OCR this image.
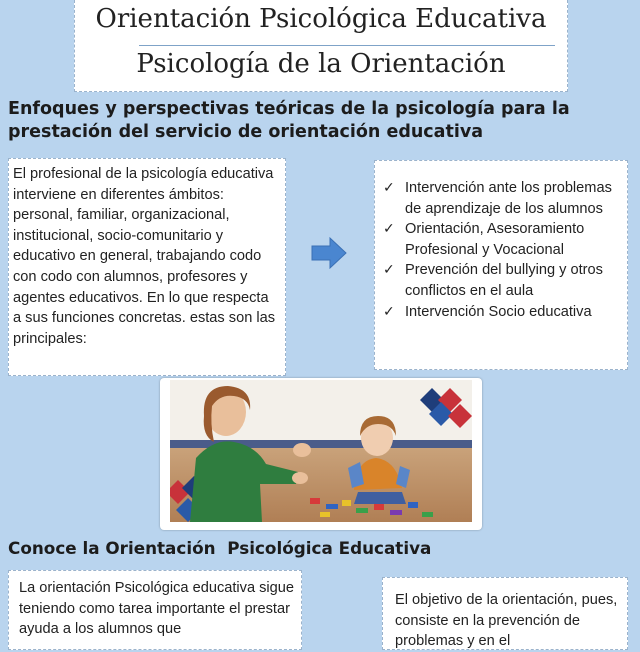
Orientación Psicológica Educativa
Psicología de la Orientación
Enfoques y perspectivas teóricas de la psicología para la prestación del servicio de orientación educativa
El profesional de la psicología educativa interviene en diferentes ámbitos: personal, familiar, organizacional, institucional, socio-comunitario y educativo en general, trabajando codo con codo con alumnos, profesores y agentes educativos. En lo que respecta a sus funciones concretas. estas son las principales:
✓ Intervención ante los problemas de aprendizaje de los alumnos
✓ Orientación, Asesoramiento Profesional y Vocacional
✓ Prevención del bullying y otros conflictos en el aula
✓ Intervención Socio educativa
Conoce la Orientación  Psicológica Educativa
La orientación Psicológica educativa sigue teniendo como tarea importante el prestar ayuda a los alumnos que
El objetivo de la orientación, pues, consiste en la prevención de problemas y en el
